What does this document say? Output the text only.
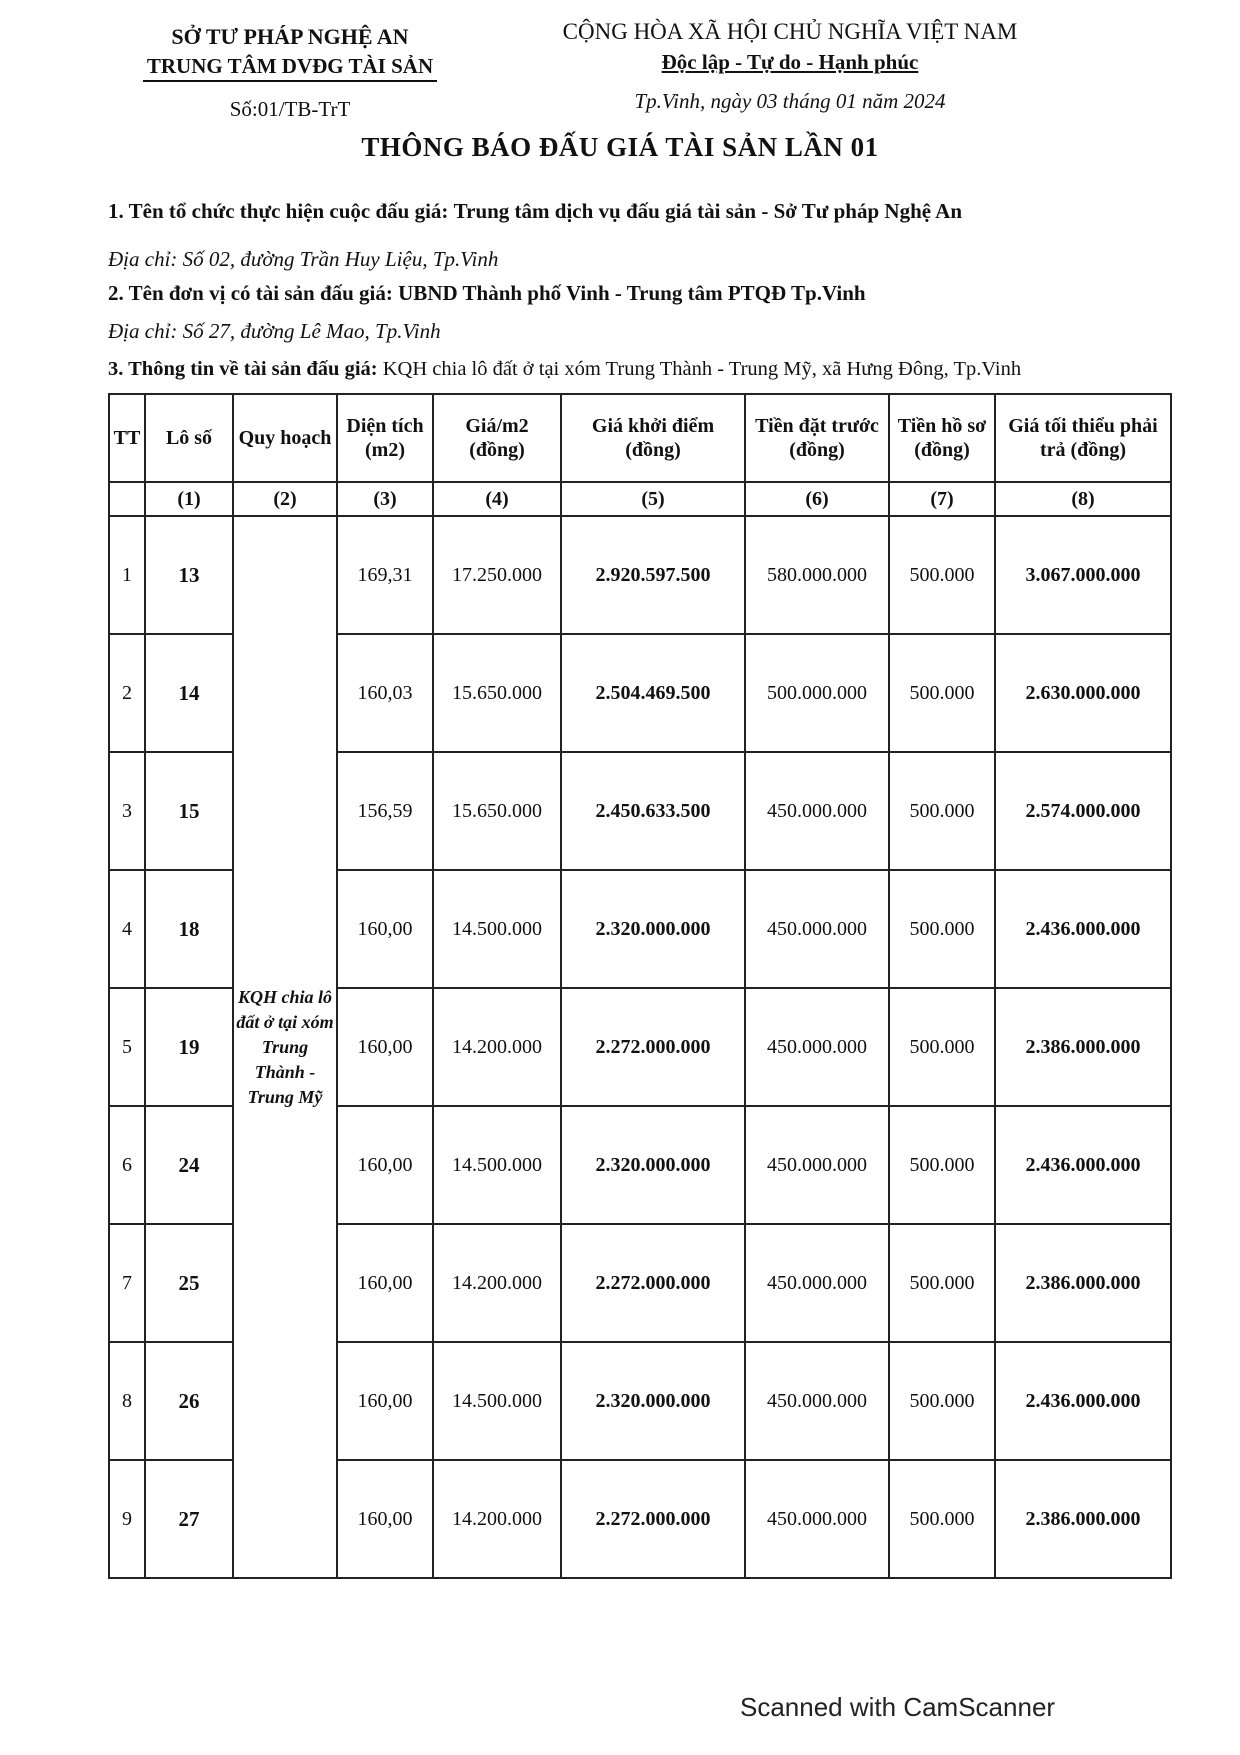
SỞ TƯ PHÁP NGHỆ AN
TRUNG TÂM DVĐG TÀI SẢN
Số:01/TB-TrT
CỘNG HÒA XÃ HỘI CHỦ NGHĨA VIỆT NAM
Độc lập - Tự do - Hạnh phúc
Tp.Vinh, ngày 03 tháng 01 năm 2024
THÔNG BÁO ĐẤU GIÁ TÀI SẢN LẦN 01
1. Tên tổ chức thực hiện cuộc đấu giá: Trung tâm dịch vụ đấu giá tài sản - Sở Tư pháp Nghệ An
Địa chỉ: Số 02, đường Trần Huy Liệu, Tp.Vinh
2. Tên đơn vị có tài sản đấu giá: UBND Thành phố Vinh - Trung tâm PTQĐ Tp.Vinh
Địa chỉ: Số 27, đường Lê Mao, Tp.Vinh
3. Thông tin về tài sản đấu giá: KQH chia lô đất ở tại xóm Trung Thành - Trung Mỹ, xã Hưng Đông, Tp.Vinh
TT	Lô số	Quy hoạch	Diện tích (m2)	Giá/m2 (đồng)	Giá khởi điểm (đồng)	Tiền đặt trước (đồng)	Tiền hồ sơ (đồng)	Giá tối thiểu phải trả (đồng)
	(1)	(2)	(3)	(4)	(5)	(6)	(7)	(8)
1	13	KQH chia lô đất ở tại xóm Trung Thành - Trung Mỹ	169,31	17.250.000	2.920.597.500	580.000.000	500.000	3.067.000.000
2	14		160,03	15.650.000	2.504.469.500	500.000.000	500.000	2.630.000.000
3	15		156,59	15.650.000	2.450.633.500	450.000.000	500.000	2.574.000.000
4	18		160,00	14.500.000	2.320.000.000	450.000.000	500.000	2.436.000.000
5	19		160,00	14.200.000	2.272.000.000	450.000.000	500.000	2.386.000.000
6	24		160,00	14.500.000	2.320.000.000	450.000.000	500.000	2.436.000.000
7	25		160,00	14.200.000	2.272.000.000	450.000.000	500.000	2.386.000.000
8	26		160,00	14.500.000	2.320.000.000	450.000.000	500.000	2.436.000.000
9	27		160,00	14.200.000	2.272.000.000	450.000.000	500.000	2.386.000.000
Scanned with CamScanner
